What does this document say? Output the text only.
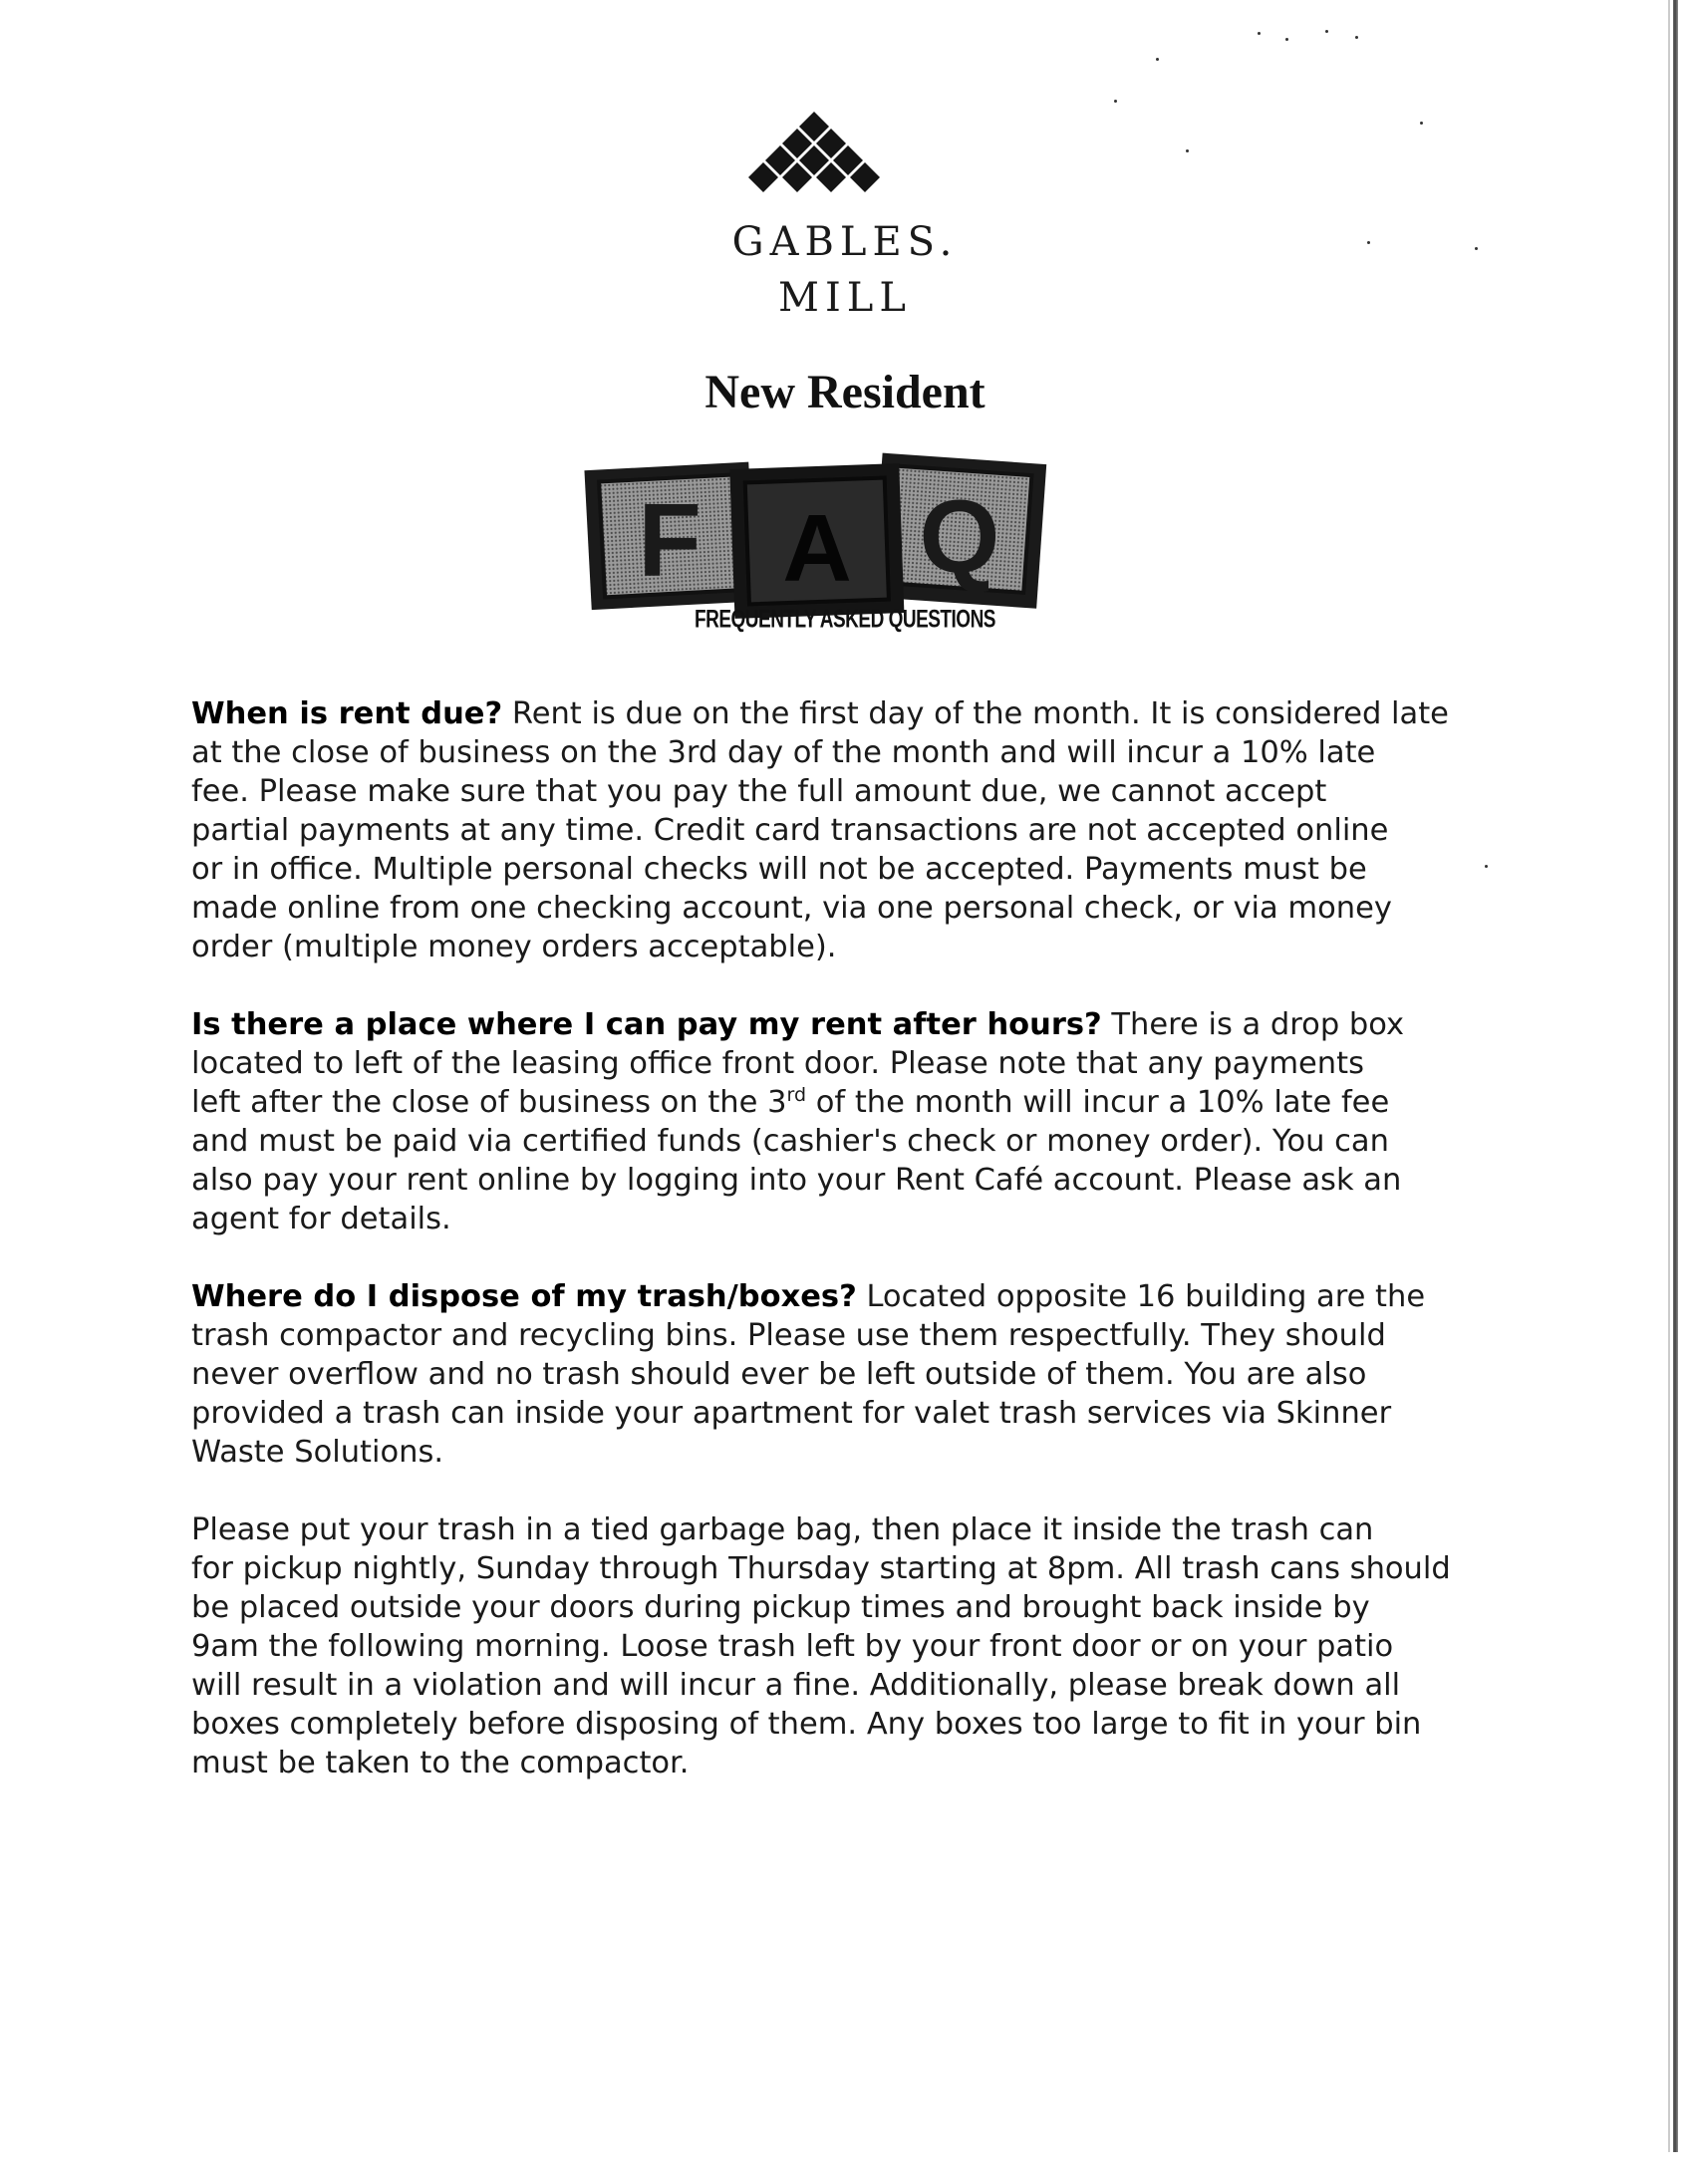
GABLES.
MILL
New Resident
F A Q
FREQUENTLY ASKED QUESTIONS

When is rent due? Rent is due on the first day of the month. It is considered late
at the close of business on the 3rd day of the month and will incur a 10% late
fee. Please make sure that you pay the full amount due, we cannot accept
partial payments at any time. Credit card transactions are not accepted online
or in office. Multiple personal checks will not be accepted. Payments must be
made online from one checking account, via one personal check, or via money
order (multiple money orders acceptable).

Is there a place where I can pay my rent after hours? There is a drop box
located to left of the leasing office front door. Please note that any payments
left after the close of business on the 3rd of the month will incur a 10% late fee
and must be paid via certified funds (cashier's check or money order). You can
also pay your rent online by logging into your Rent Café account. Please ask an
agent for details.

Where do I dispose of my trash/boxes? Located opposite 16 building are the
trash compactor and recycling bins. Please use them respectfully. They should
never overflow and no trash should ever be left outside of them. You are also
provided a trash can inside your apartment for valet trash services via Skinner
Waste Solutions.

Please put your trash in a tied garbage bag, then place it inside the trash can
for pickup nightly, Sunday through Thursday starting at 8pm. All trash cans should
be placed outside your doors during pickup times and brought back inside by
9am the following morning. Loose trash left by your front door or on your patio
will result in a violation and will incur a fine. Additionally, please break down all
boxes completely before disposing of them. Any boxes too large to fit in your bin
must be taken to the compactor.
